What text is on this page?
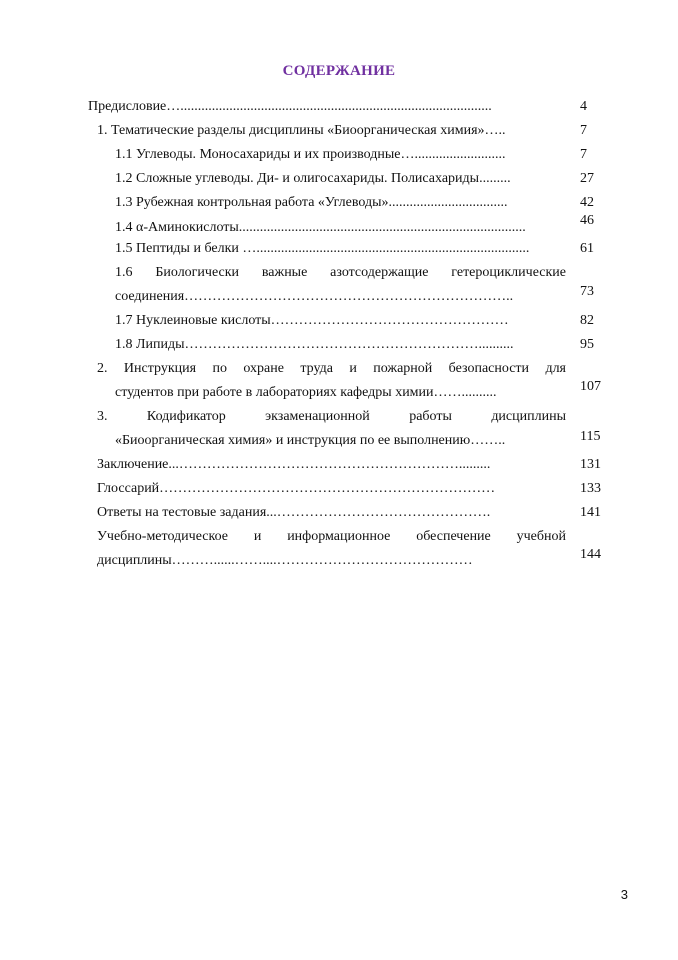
СОДЕРЖАНИЕ
Предисловие….........................................................................................	4
1. Тематические разделы дисциплины «Биоорганическая химия»…..	7
1.1 Углеводы. Моносахариды и их производные…..........................	7
1.2 Сложные углеводы. Ди- и олигосахариды. Полисахариды.........	27
1.3 Рубежная контрольная работа «Углеводы»..................................	42
1.4 α-Аминокислоты..................................................................................	46
1.5 Пептиды и белки …..............................................................................	61
1.6 Биологически важные азотсодержащие гетероциклические
соединения……………………………………………………………..	73
1.7 Нуклеиновые кислоты……………………………………………	82
1.8 Липиды………………………………………………………..........	95
2. Инструкция по охране труда и пожарной безопасности для
студентов при работе в лабораториях кафедры химии……..........	107
3. Кодификатор экзаменационной работы дисциплины
«Биоорганическая химия» и инструкция по ее выполнению……..	115
Заключение...…………………………………………………….........	131
Глоссарий………………………………………………………………	133
Ответы на тестовые задания...……………………………………….	141
Учебно-методическое и информационное обеспечение учебной
дисциплины………......……....……………………………………	144
3
